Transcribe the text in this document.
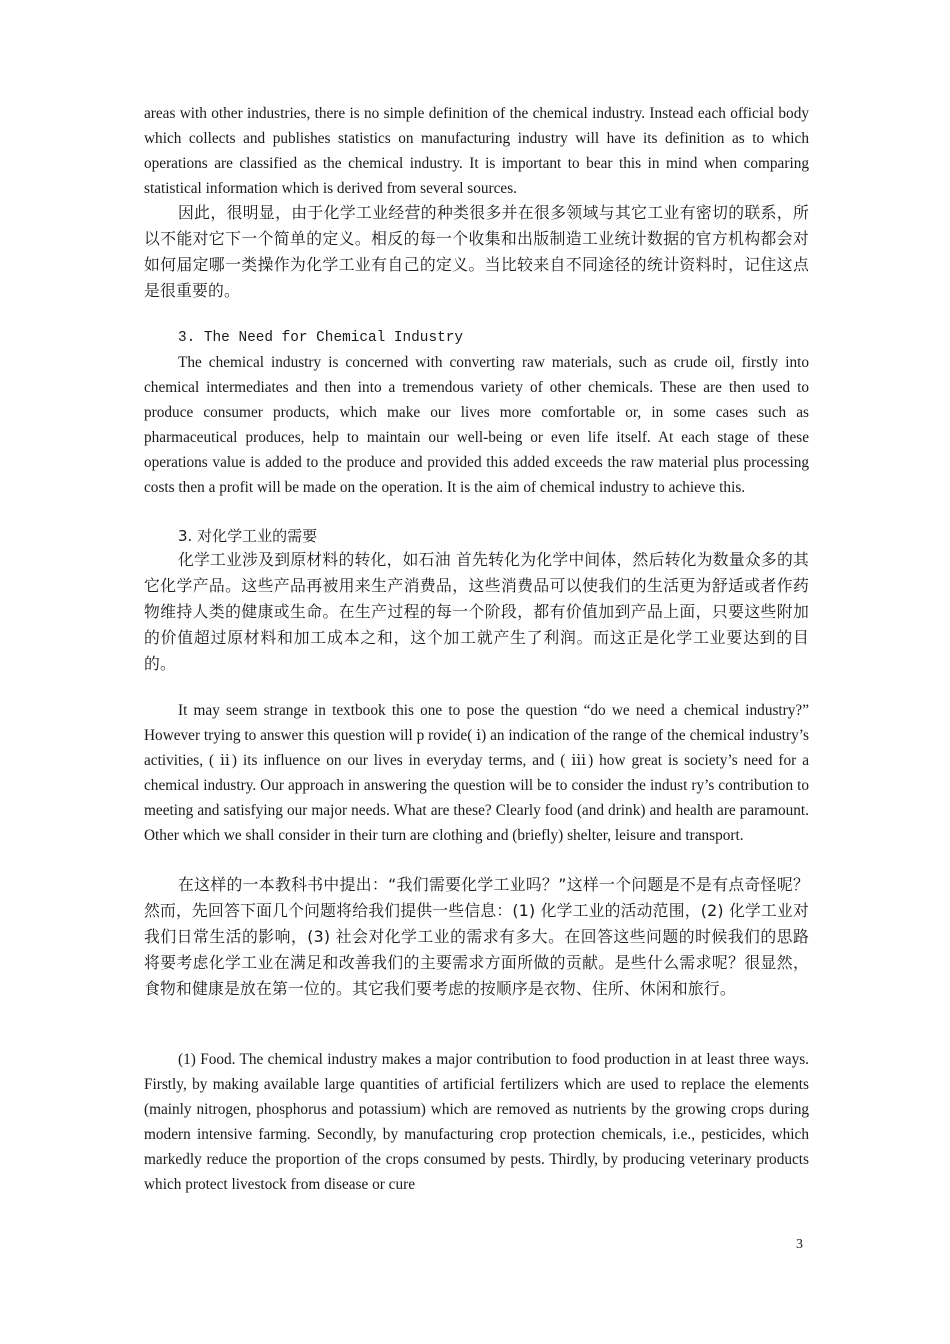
areas with other industries, there is no simple definition of the chemical industry. Instead each official body which collects and publishes statistics on manufacturing industry will have its definition as to which operations are classified as the chemical industry. It is important to bear this in mind when comparing statistical information which is derived from several sources.

因此，很明显，由于化学工业经营的种类很多并在很多领域与其它工业有密切的联系，所以不能对它下一个简单的定义。相反的每一个收集和出版制造工业统计数据的官方机构都会对如何届定哪一类操作为化学工业有自己的定义。当比较来自不同途径的统计资料时，记住这点是很重要的。

3. The Need for Chemical Industry

The chemical industry is concerned with converting raw materials, such as crude oil, firstly into chemical intermediates and then into a tremendous variety of other chemicals. These are then used to produce consumer products, which make our lives more comfortable or, in some cases such as pharmaceutical produces, help to maintain our well-being or even life itself. At each stage of these operations value is added to the produce and provided this added exceeds the raw material plus processing costs then a profit will be made on the operation. It is the aim of chemical industry to achieve this.

3. 对化学工业的需要

化学工业涉及到原材料的转化，如石油 首先转化为化学中间体，然后转化为数量众多的其它化学产品。这些产品再被用来生产消费品，这些消费品可以使我们的生活更为舒适或者作药物维持人类的健康或生命。在生产过程的每一个阶段，都有价值加到产品上面，只要这些附加的价值超过原材料和加工成本之和，这个加工就产生了利润。而这正是化学工业要达到的目的。

It may seem strange in textbook this one to pose the question “do we need a chemical industry?” However trying to answer this question will p rovide( ⅰ) an indication of the range of the chemical industry’s activities, ( ⅱ) its influence on our lives in everyday terms, and ( ⅲ) how great is society’s need for a chemical industry. Our approach in answering the question will be to consider the indust ry’s contribution to meeting and satisfying our major needs. What are these? Clearly food (and drink) and health are paramount. Other which we shall consider in their turn are clothing and (briefly) shelter, leisure and transport.

在这样的一本教科书中提出：“我们需要化学工业吗？”这样一个问题是不是有点奇怪呢？然而，先回答下面几个问题将给我们提供一些信息：(1) 化学工业的活动范围，(2) 化学工业对我们日常生活的影响，(3) 社会对化学工业的需求有多大。在回答这些问题的时候我们的思路将要考虑化学工业在满足和改善我们的主要需求方面所做的贡献。是些什么需求呢？很显然，食物和健康是放在第一位的。其它我们要考虑的按顺序是衣物、住所、休闲和旅行。

(1) Food. The chemical industry makes a major contribution to food production in at least three ways. Firstly, by making available large quantities of artificial fertilizers which are used to replace the elements (mainly nitrogen, phosphorus and potassium) which are removed as nutrients by the growing crops during modern intensive farming. Secondly, by manufacturing crop protection chemicals, i.e., pesticides, which markedly reduce the proportion of the crops consumed by pests. Thirdly, by producing veterinary products which protect livestock from disease or cure

3
